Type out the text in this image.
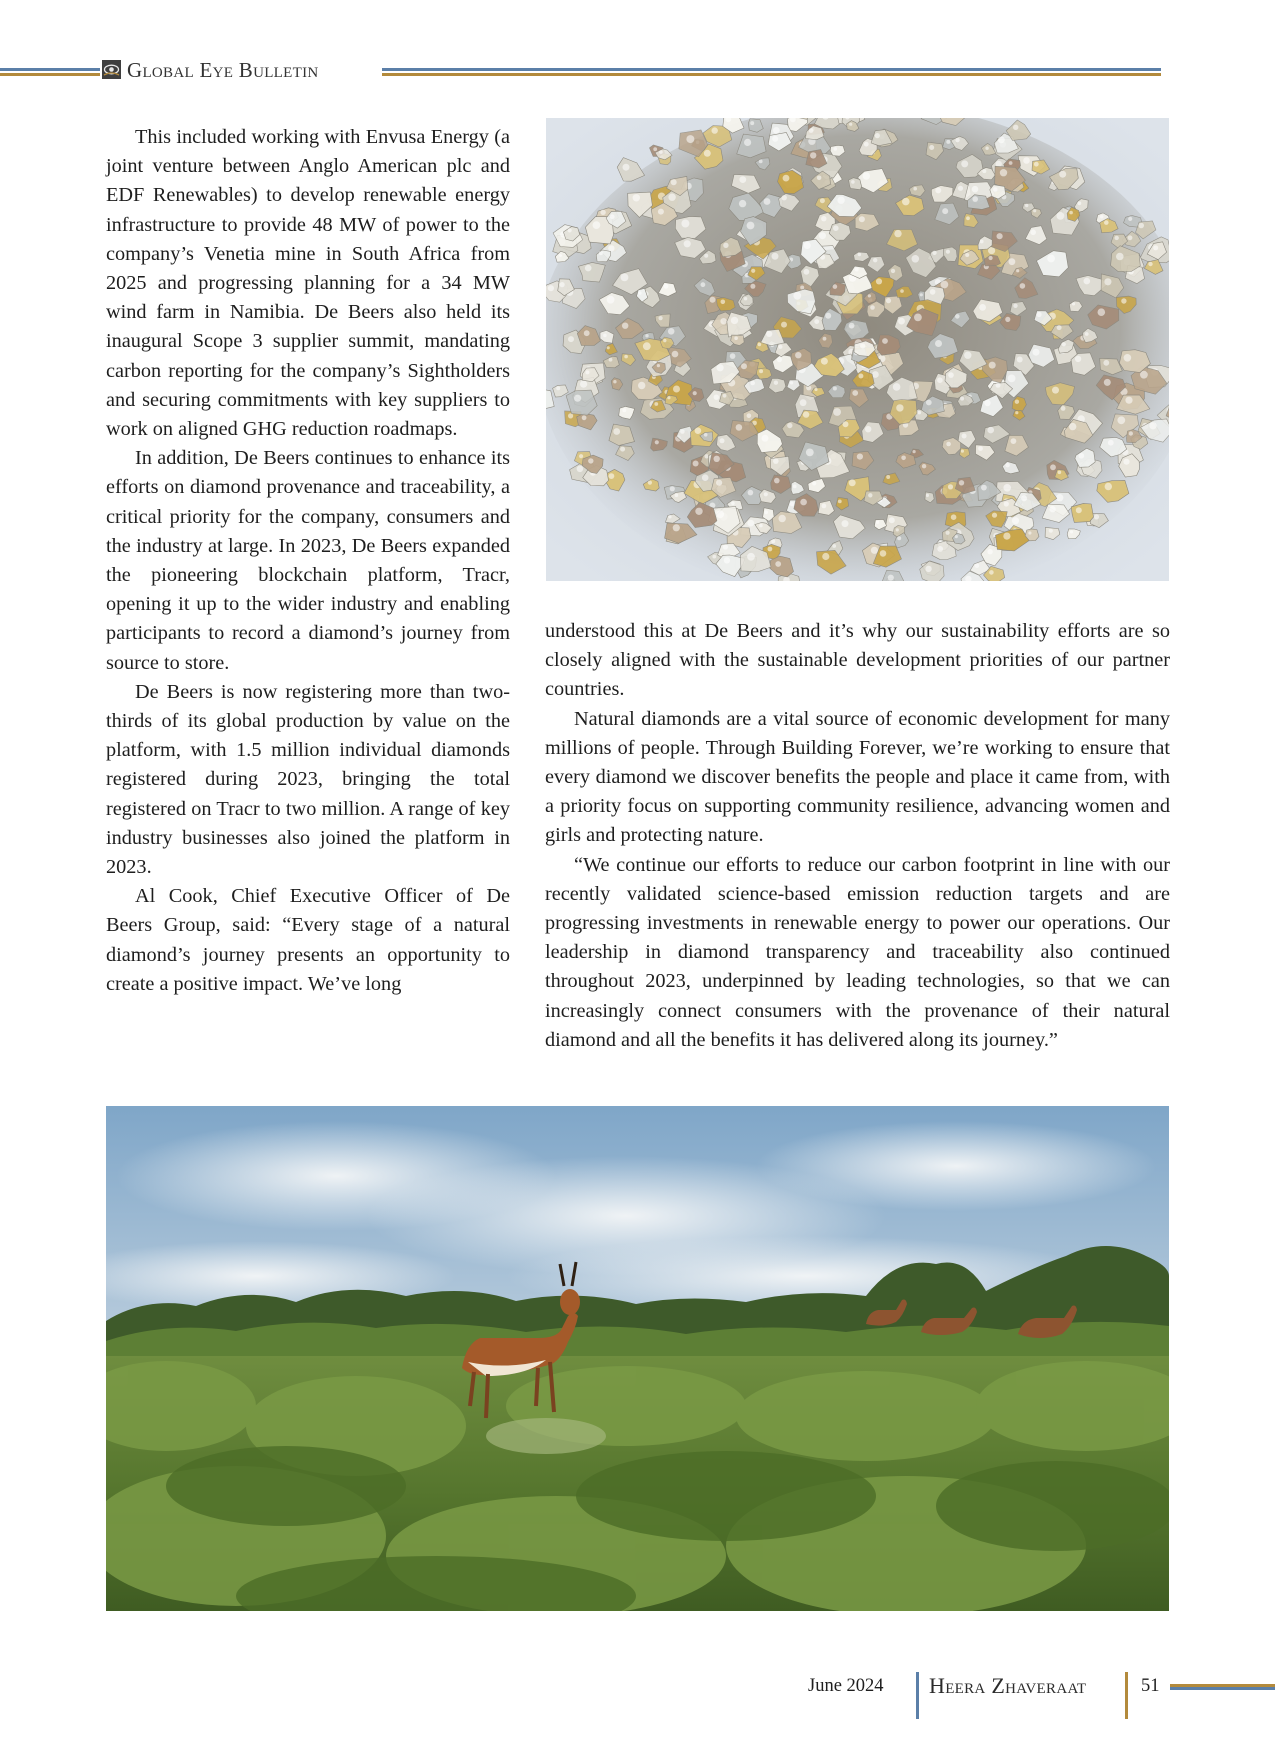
Global Eye Bulletin

This included working with Envusa Energy (a joint venture between Anglo American plc and EDF Renewables) to develop renewable energy infrastructure to provide 48 MW of power to the company’s Venetia mine in South Africa from 2025 and progressing planning for a 34 MW wind farm in Namibia. De Beers also held its inaugural Scope 3 supplier summit, mandating carbon reporting for the company’s Sightholders and securing commitments with key suppliers to work on aligned GHG reduction roadmaps.

In addition, De Beers continues to enhance its efforts on diamond provenance and traceability, a critical priority for the company, consumers and the industry at large. In 2023, De Beers expanded the pioneering blockchain platform, Tracr, opening it up to the wider industry and enabling participants to record a diamond’s journey from source to store.

De Beers is now registering more than two-thirds of its global production by value on the platform, with 1.5 million individual diamonds registered during 2023, bringing the total registered on Tracr to two million. A range of key industry businesses also joined the platform in 2023.

Al Cook, Chief Executive Officer of De Beers Group, said: “Every stage of a natural diamond’s journey presents an opportunity to create a positive impact. We’ve long

understood this at De Beers and it’s why our sustainability efforts are so closely aligned with the sustainable development priorities of our partner countries.

Natural diamonds are a vital source of economic development for many millions of people. Through Building Forever, we’re working to ensure that every diamond we discover benefits the people and place it came from, with a priority focus on supporting community resilience, advancing women and girls and protecting nature.

“We continue our efforts to reduce our carbon footprint in line with our recently validated science-based emission reduction targets and are progressing investments in renewable energy to power our operations. Our leadership in diamond transparency and traceability also continued throughout 2023, underpinned by leading technologies, so that we can increasingly connect consumers with the provenance of their natural diamond and all the benefits it has delivered along its journey.”

June 2024 Heera Zhaveraat	51
